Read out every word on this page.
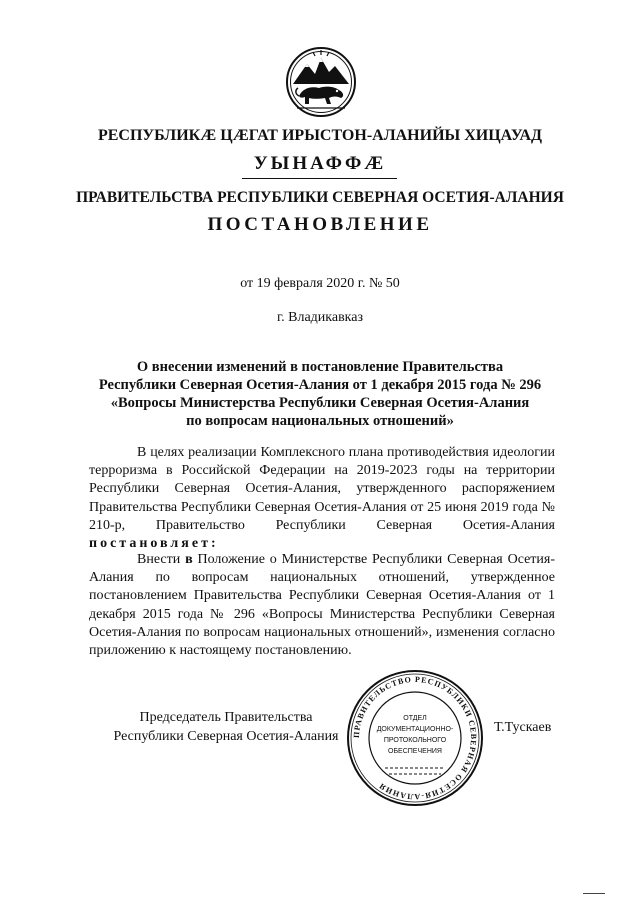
РЕСПУБЛИКӔ ЦӔГАТ ИРЫСТОН-АЛАНИЙЫ ХИЦАУАД
УЫНАФФӔ
ПРАВИТЕЛЬСТВА РЕСПУБЛИКИ СЕВЕРНАЯ ОСЕТИЯ-АЛАНИЯ
ПОСТАНОВЛЕНИЕ
от 19 февраля 2020 г. № 50
г. Владикавказ
О внесении изменений в постановление Правительства
Республики Северная Осетия-Алания от 1 декабря 2015 года № 296
«Вопросы Министерства Республики Северная Осетия-Алания
по вопросам национальных отношений»
В целях реализации Комплексного плана противодействия идеологии терроризма в Российской Федерации на 2019-2023 годы на территории Республики Северная Осетия-Алания, утвержденного распоряжением Правительства Республики Северная Осетия-Алания от 25 июня 2019 года № 210-р, Правительство Республики Северная Осетия-Алания постановляет:
Внести в Положение о Министерстве Республики Северная Осетия-Алания по вопросам национальных отношений, утвержденное постановлением Правительства Республики Северная Осетия-Алания от 1 декабря 2015 года № 296 «Вопросы Министерства Республики Северная Осетия-Алания по вопросам национальных отношений», изменения согласно приложению к настоящему постановлению.
Председатель Правительства
Республики Северная Осетия-Алания	ПРАВИТЕЛЬСТВО РЕСПУБЛИКИ СЕВЕРНАЯ ОСЕТИЯ-АЛАНИЯ
ОТДЕЛ
ДОКУМЕНТАЦИОННО-
ПРОТОКОЛЬНОГО
ОБЕСПЕЧЕНИЯ
Т.Тускаев
